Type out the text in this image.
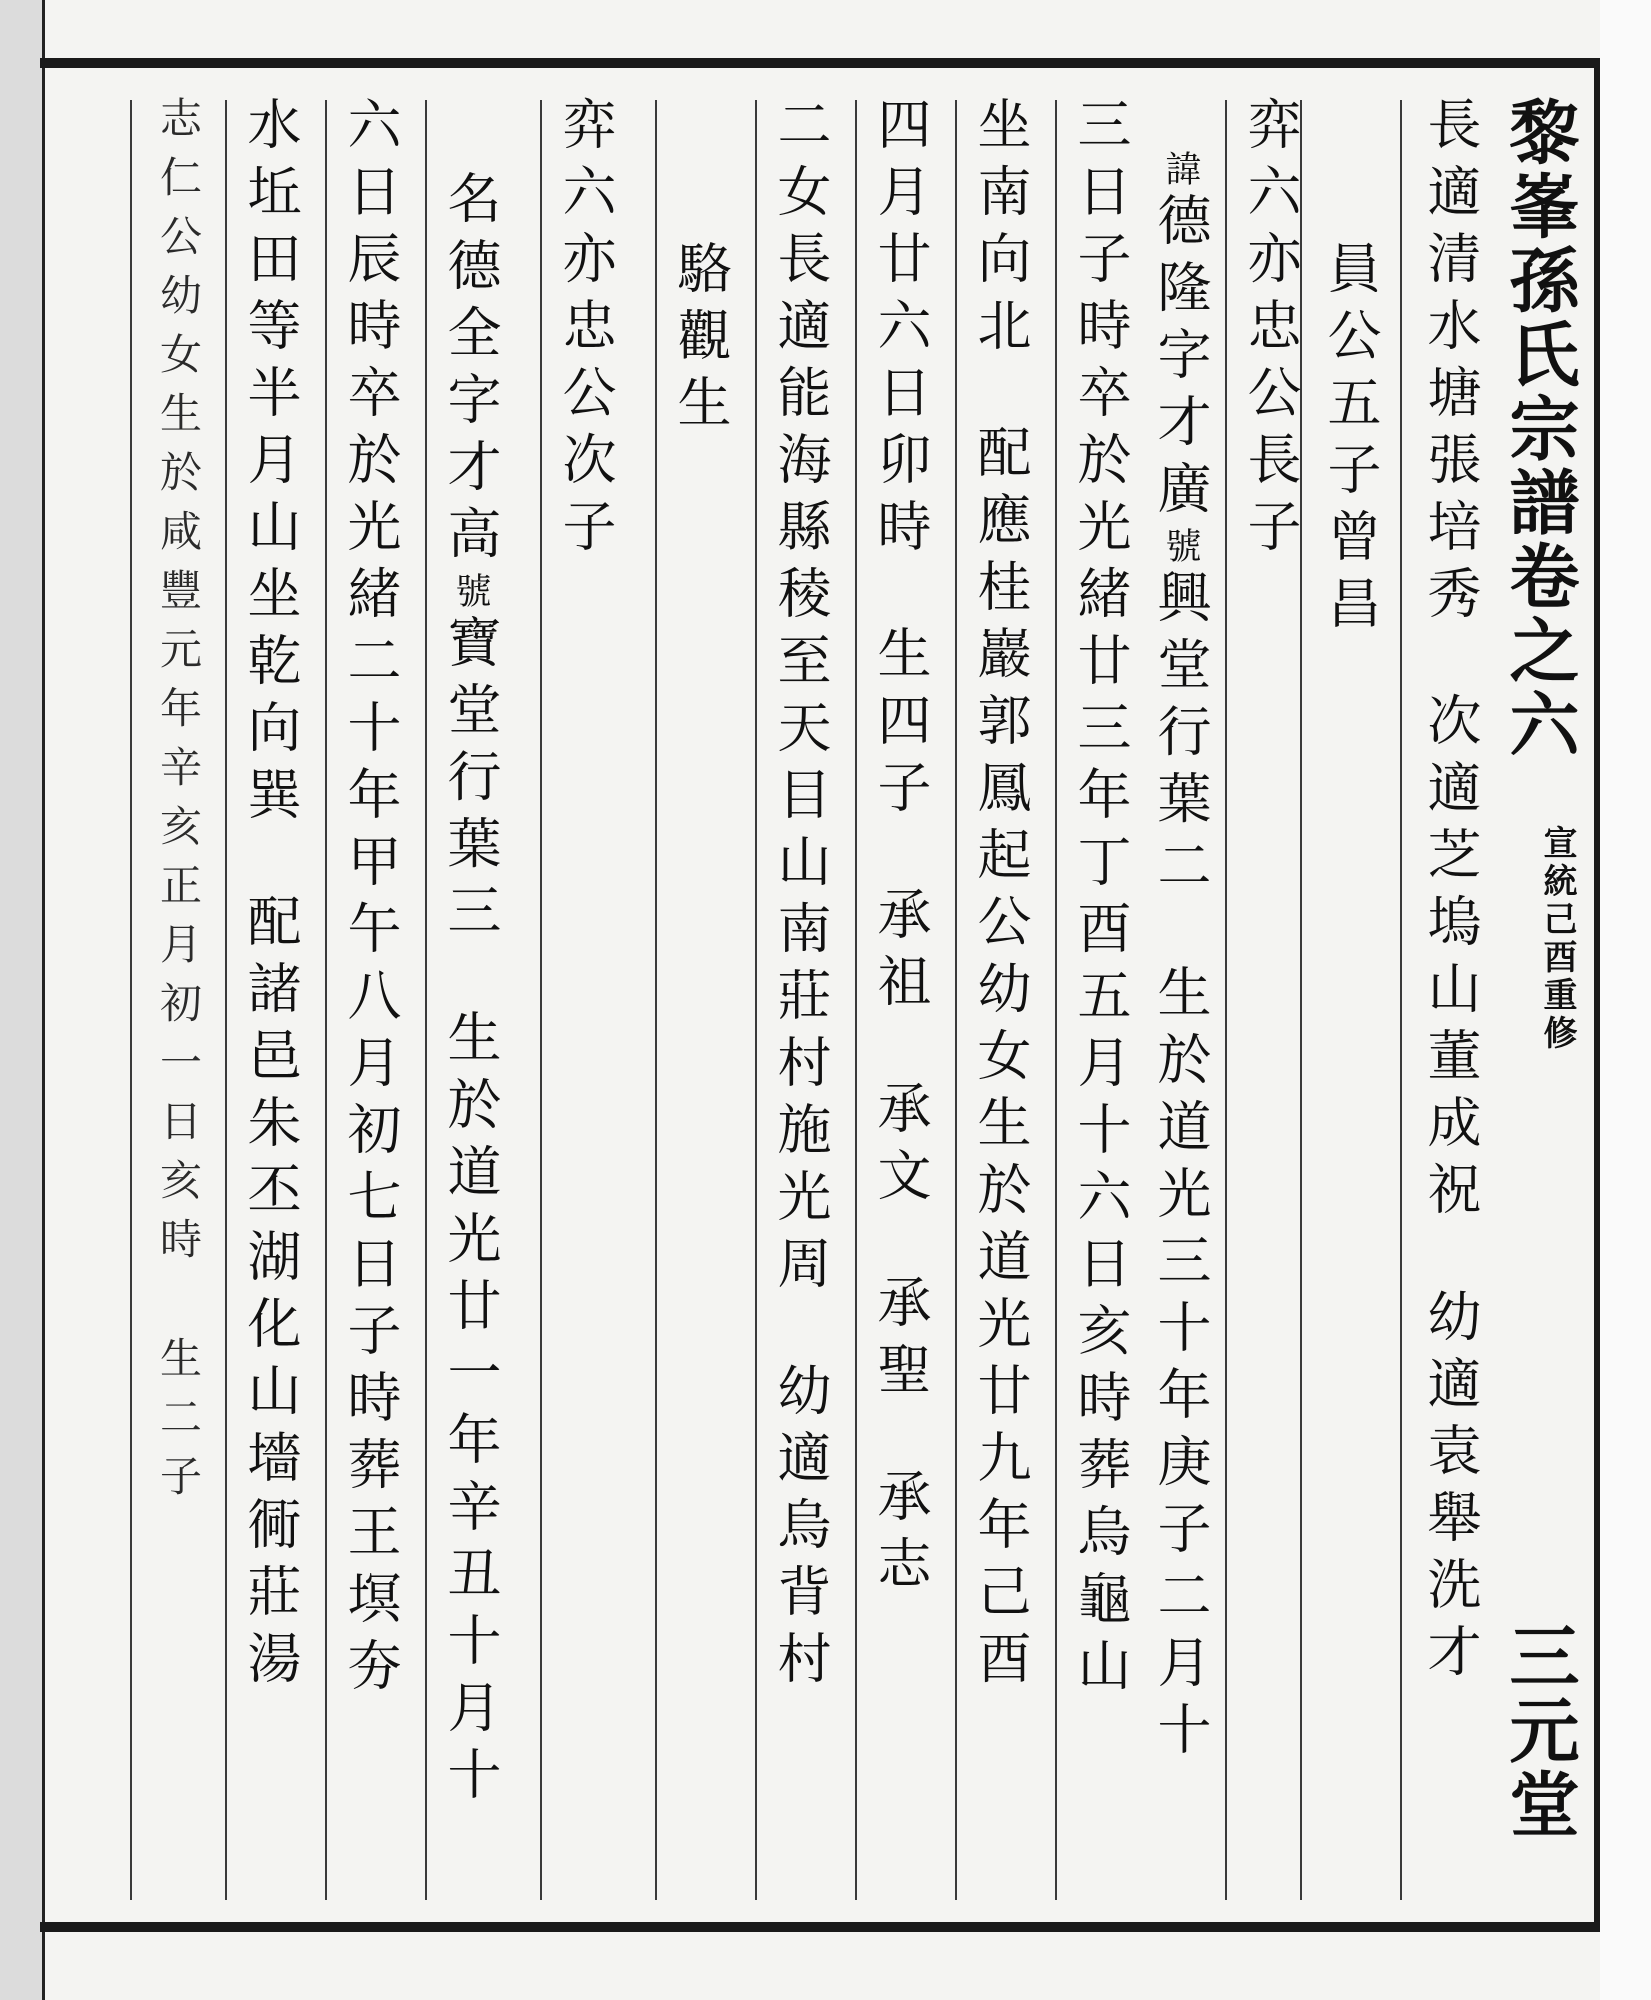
黎峯孫氏宗譜卷之六
宣統己酉重修
三元堂
長適清水塘張培秀次適芝塢山董成祝幼適袁舉洗才
員公五子曾昌
弈六亦忠公長子
諱德隆字才廣號興堂行葉二生於道光三十年庚子二月十
三日子時卒於光緒廿三年丁酉五月十六日亥時葬烏龜山
坐南向北配應桂巖郭鳳起公幼女生於道光廿九年己酉
四月廿六日卯時生四子承祖承文承聖承志
二女長適能海縣稜至天目山南莊村施光周幼適烏背村
駱觀生
弈六亦忠公次子
名德全字才高號寶堂行葉三生於道光廿一年辛丑十月十
六日辰時卒於光緒二十年甲午八月初七日子時葬王塓夯
水坵田等半月山坐乾向巽配諸邑朱丕湖化山墻衕莊湯
志仁公幼女生於咸豐元年辛亥正月初一日亥時生二子
